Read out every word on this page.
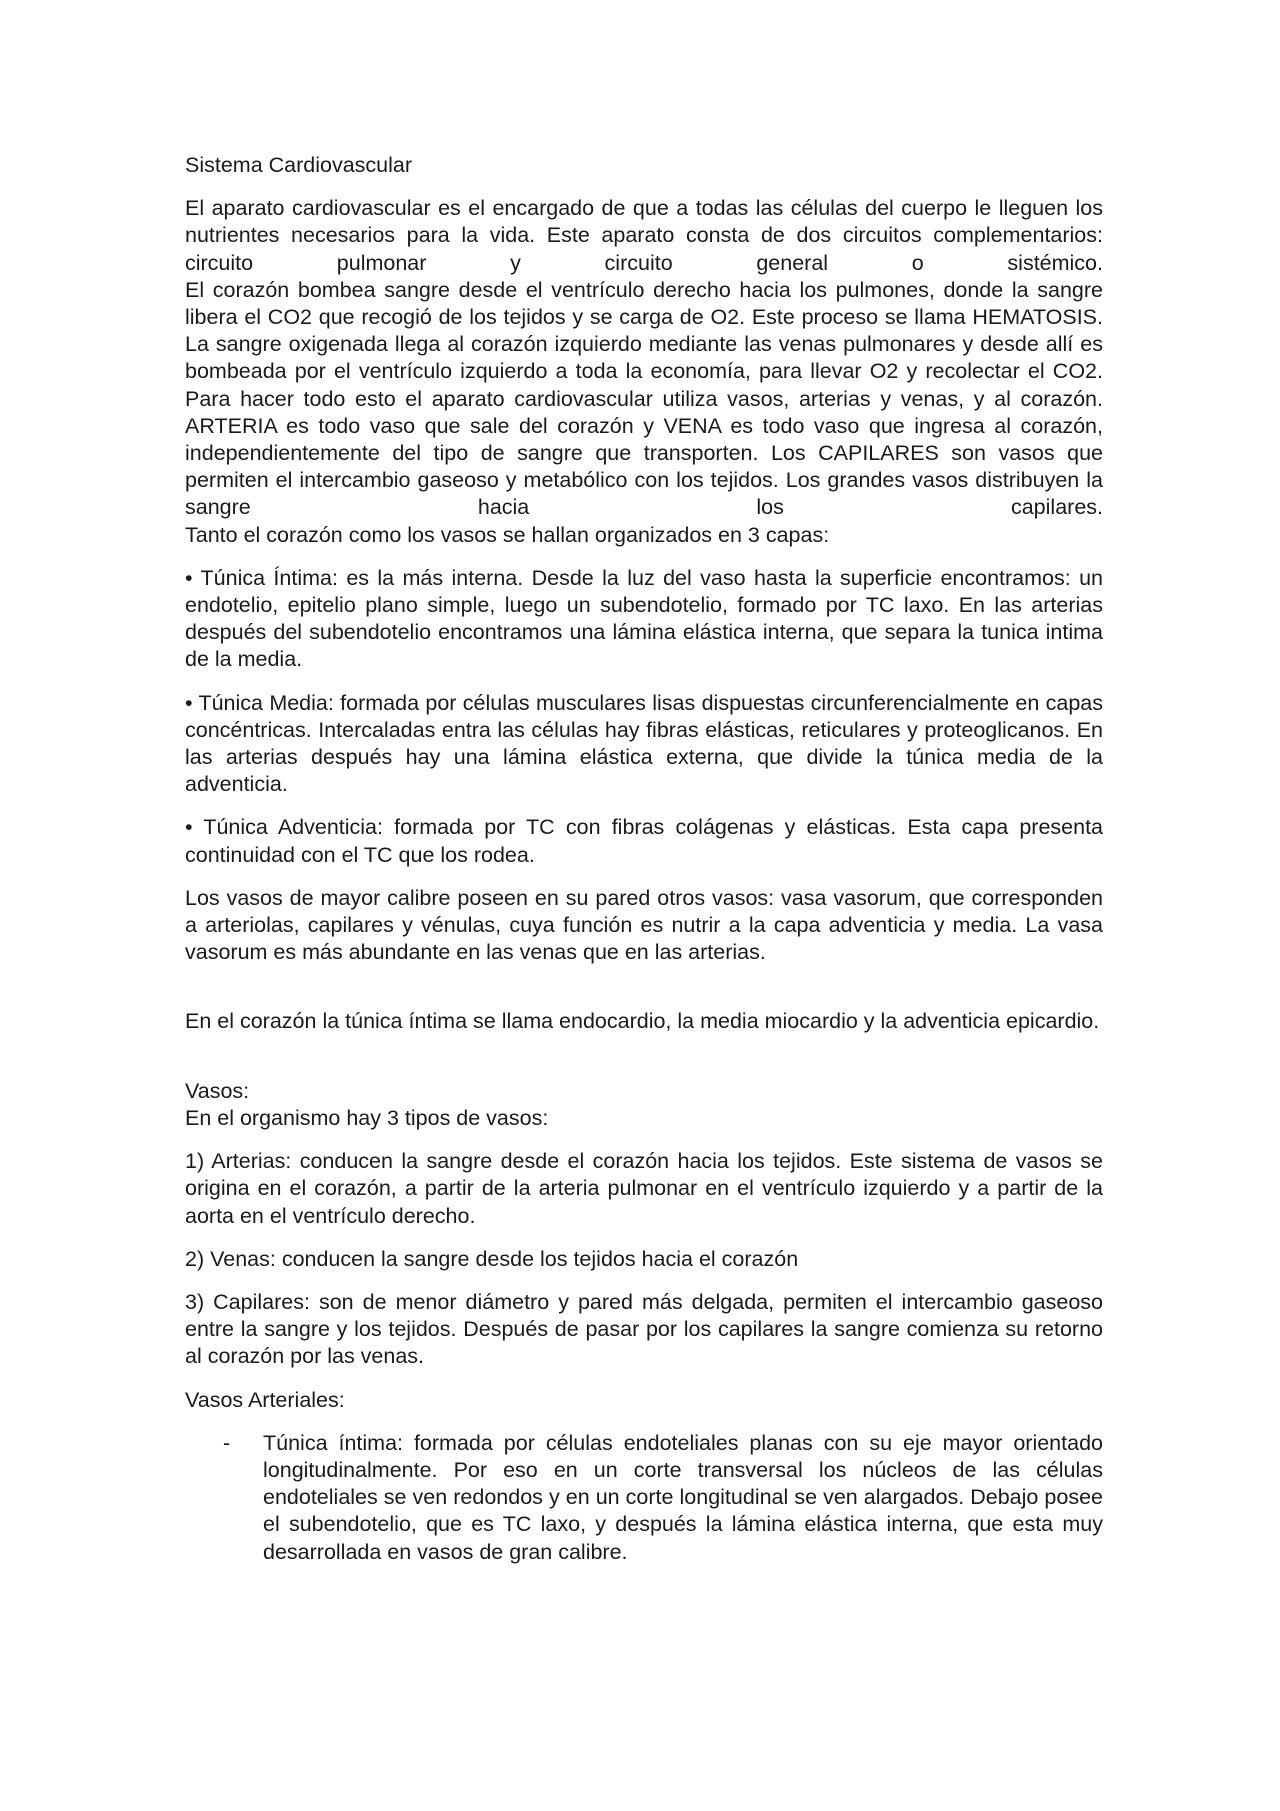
Sistema Cardiovascular

El aparato cardiovascular es el encargado de que a todas las células del cuerpo le lleguen los nutrientes necesarios para la vida. Este aparato consta de dos circuitos complementarios: circuito pulmonar y circuito general o sistémico.

El corazón bombea sangre desde el ventrículo derecho hacia los pulmones, donde la sangre libera el CO2 que recogió de los tejidos y se carga de O2. Este proceso se llama HEMATOSIS.

La sangre oxigenada llega al corazón izquierdo mediante las venas pulmonares y desde allí es bombeada por el ventrículo izquierdo a toda la economía, para llevar O2 y recolectar el CO2.

Para hacer todo esto el aparato cardiovascular utiliza vasos, arterias y venas, y al corazón. ARTERIA es todo vaso que sale del corazón y VENA es todo vaso que ingresa al corazón, independientemente del tipo de sangre que transporten. Los CAPILARES son vasos que permiten el intercambio gaseoso y metabólico con los tejidos. Los grandes vasos distribuyen la sangre hacia los capilares.

Tanto el corazón como los vasos se hallan organizados en 3 capas:

• Túnica Íntima: es la más interna. Desde la luz del vaso hasta la superficie encontramos: un endotelio, epitelio plano simple, luego un subendotelio, formado por TC laxo. En las arterias después del subendotelio encontramos una lámina elástica interna, que separa la tunica intima de la media.

• Túnica Media: formada por células musculares lisas dispuestas circunferencialmente en capas concéntricas. Intercaladas entra las células hay fibras elásticas, reticulares y proteoglicanos. En las arterias después hay una lámina elástica externa, que divide la túnica media de la adventicia.

• Túnica Adventicia: formada por TC con fibras colágenas y elásticas. Esta capa presenta continuidad con el TC que los rodea.

Los vasos de mayor calibre poseen en su pared otros vasos: vasa vasorum, que corresponden a arteriolas, capilares y vénulas, cuya función es nutrir a la capa adventicia y media. La vasa vasorum es más abundante en las venas que en las arterias.

En el corazón la túnica íntima se llama endocardio, la media miocardio y la adventicia epicardio.

Vasos:

En el organismo hay 3 tipos de vasos:

1) Arterias: conducen la sangre desde el corazón hacia los tejidos. Este sistema de vasos se origina en el corazón, a partir de la arteria pulmonar en el ventrículo izquierdo y a partir de la aorta en el ventrículo derecho.

2) Venas: conducen la sangre desde los tejidos hacia el corazón

3) Capilares: son de menor diámetro y pared más delgada, permiten el intercambio gaseoso entre la sangre y los tejidos. Después de pasar por los capilares la sangre comienza su retorno al corazón por las venas.

Vasos Arteriales:

-	Túnica íntima: formada por células endoteliales planas con su eje mayor orientado longitudinalmente. Por eso en un corte transversal los núcleos de las células endoteliales se ven redondos y en un corte longitudinal se ven alargados. Debajo posee el subendotelio, que es TC laxo, y después la lámina elástica interna, que esta muy desarrollada en vasos de gran calibre.
